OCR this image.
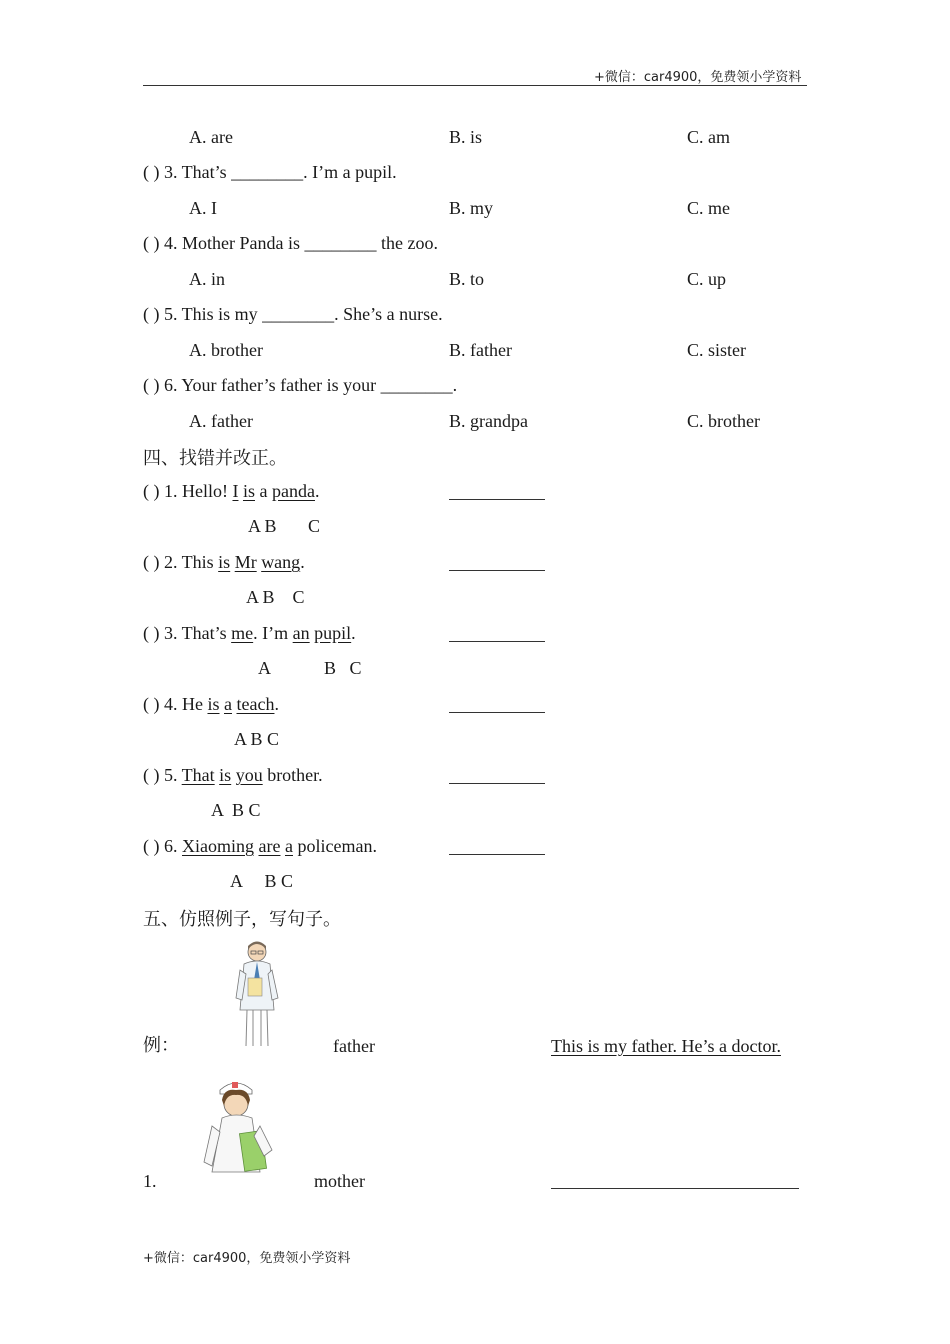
+微信：car4900，免费领小学资料
A. are	B. is	C. am
( ) 3. That’s ________. I’m a pupil.
A. I	B. my	C. me
( ) 4. Mother Panda is ________ the zoo.
A. in	B. to	C. up
( ) 5. This is my ________. She’s a nurse.
A. brother	B. father	C. sister
( ) 6. Your father’s father is your ________.
A. father	B. grandpa	C. brother
四、找错并改正。
( ) 1. Hello! I is a panda.
A B       C
( ) 2. This is Mr wang.
A B    C
( ) 3. That’s me. I’m an pupil.
A            B   C
( ) 4. He is a teach.
A B C
( ) 5. That is you brother.
A  B C
( ) 6. Xiaoming are a policeman.
A     B C
五、仿照例子，写句子。
例：	father	This is my father. He’s a doctor.
1.	mother
+微信：car4900，免费领小学资料
